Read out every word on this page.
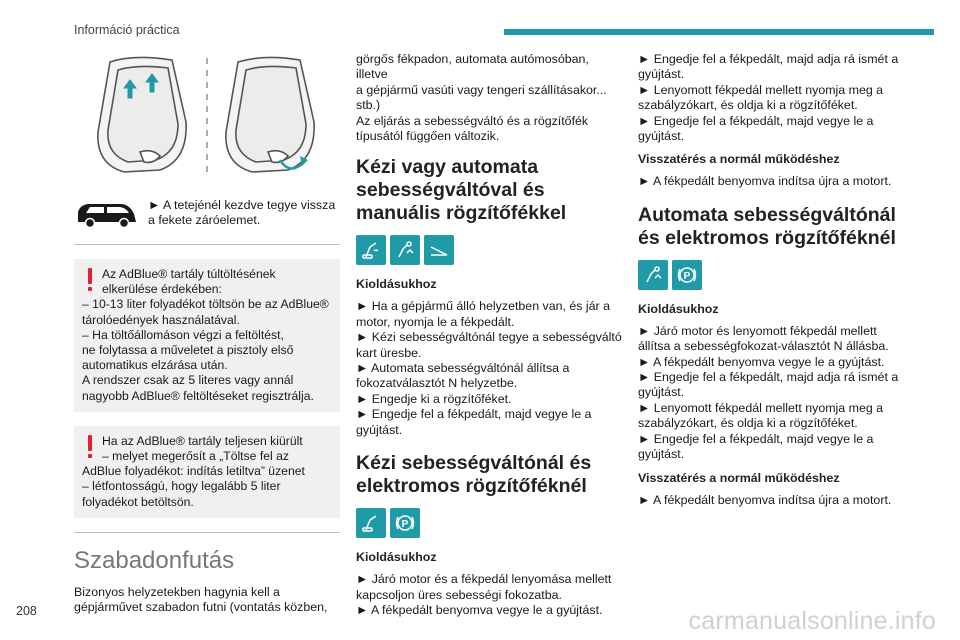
Információ práctica
► A tetejénél kezdve tegye vissza a fekete záróelemet.

Az AdBlue® tartály túltöltésének

elkerülése érdekében:

– 10-13 liter folyadékot töltsön be az AdBlue®

tárolóedények használatával.

– Ha töltőállomáson végzi a feltöltést,

ne folytassa a műveletet a pisztoly első

automatikus elzárása után.

A rendszer csak az 5 literes vagy annál

nagyobb AdBlue® feltöltéseket regisztrálja.

Ha az AdBlue® tartály teljesen kiürült

– melyet megerősít a „Töltse fel az

AdBlue folyadékot: indítás letiltva” üzenet

– létfontosságú, hogy legalább 5 liter

folyadékot betöltsön.

Szabadonfutás

Bizonyos helyzetekben hagynia kell a

gépjárművet szabadon futni (vontatás közben,

görgős fékpadon, automata autómosóban, illetve

a gépjármű vasúti vagy tengeri szállításakor...

stb.)

Az eljárás a sebességváltó és a rögzítőfék

típusától függően változik.

Kézi vagy automata
sebességváltóval és
manuális rögzítőfékkel
Kioldásukhoz

► Ha a gépjármű álló helyzetben van, és jár a

motor, nyomja le a fékpedált.

► Kézi sebességváltónál tegye a sebességváltó

kart üresbe.

► Automata sebességváltónál állítsa a

fokozatválasztót N helyzetbe.

► Engedje ki a rögzítőféket.

► Engedje fel a fékpedált, majd vegye le a

gyújtást.

Kézi sebességváltónál és
elektromos rögzítőféknél
P
Kioldásukhoz

► Járó motor és a fékpedál lenyomása mellett

kapcsoljon üres sebességi fokozatba.

► A fékpedált benyomva vegye le a gyújtást.

► Engedje fel a fékpedált, majd adja rá ismét a

gyújtást.

► Lenyomott fékpedál mellett nyomja meg a

szabályzókart, és oldja ki a rögzítőféket.

► Engedje fel a fékpedált, majd vegye le a

gyújtást.

Visszatérés a normál működéshez

► A fékpedált benyomva indítsa újra a motort.

Automata sebességváltónál
és elektromos rögzítőféknél
P
Kioldásukhoz

► Járó motor és lenyomott fékpedál mellett

állítsa a sebességfokozat-választót N állásba.

► A fékpedált benyomva vegye le a gyújtást.

► Engedje fel a fékpedált, majd adja rá ismét a

gyújtást.

► Lenyomott fékpedál mellett nyomja meg a

szabályzókart, és oldja ki a rögzítőféket.

► Engedje fel a fékpedált, majd vegye le a

gyújtást.

Visszatérés a normál működéshez

► A fékpedált benyomva indítsa újra a motort.

208	carmanualsonline.info
